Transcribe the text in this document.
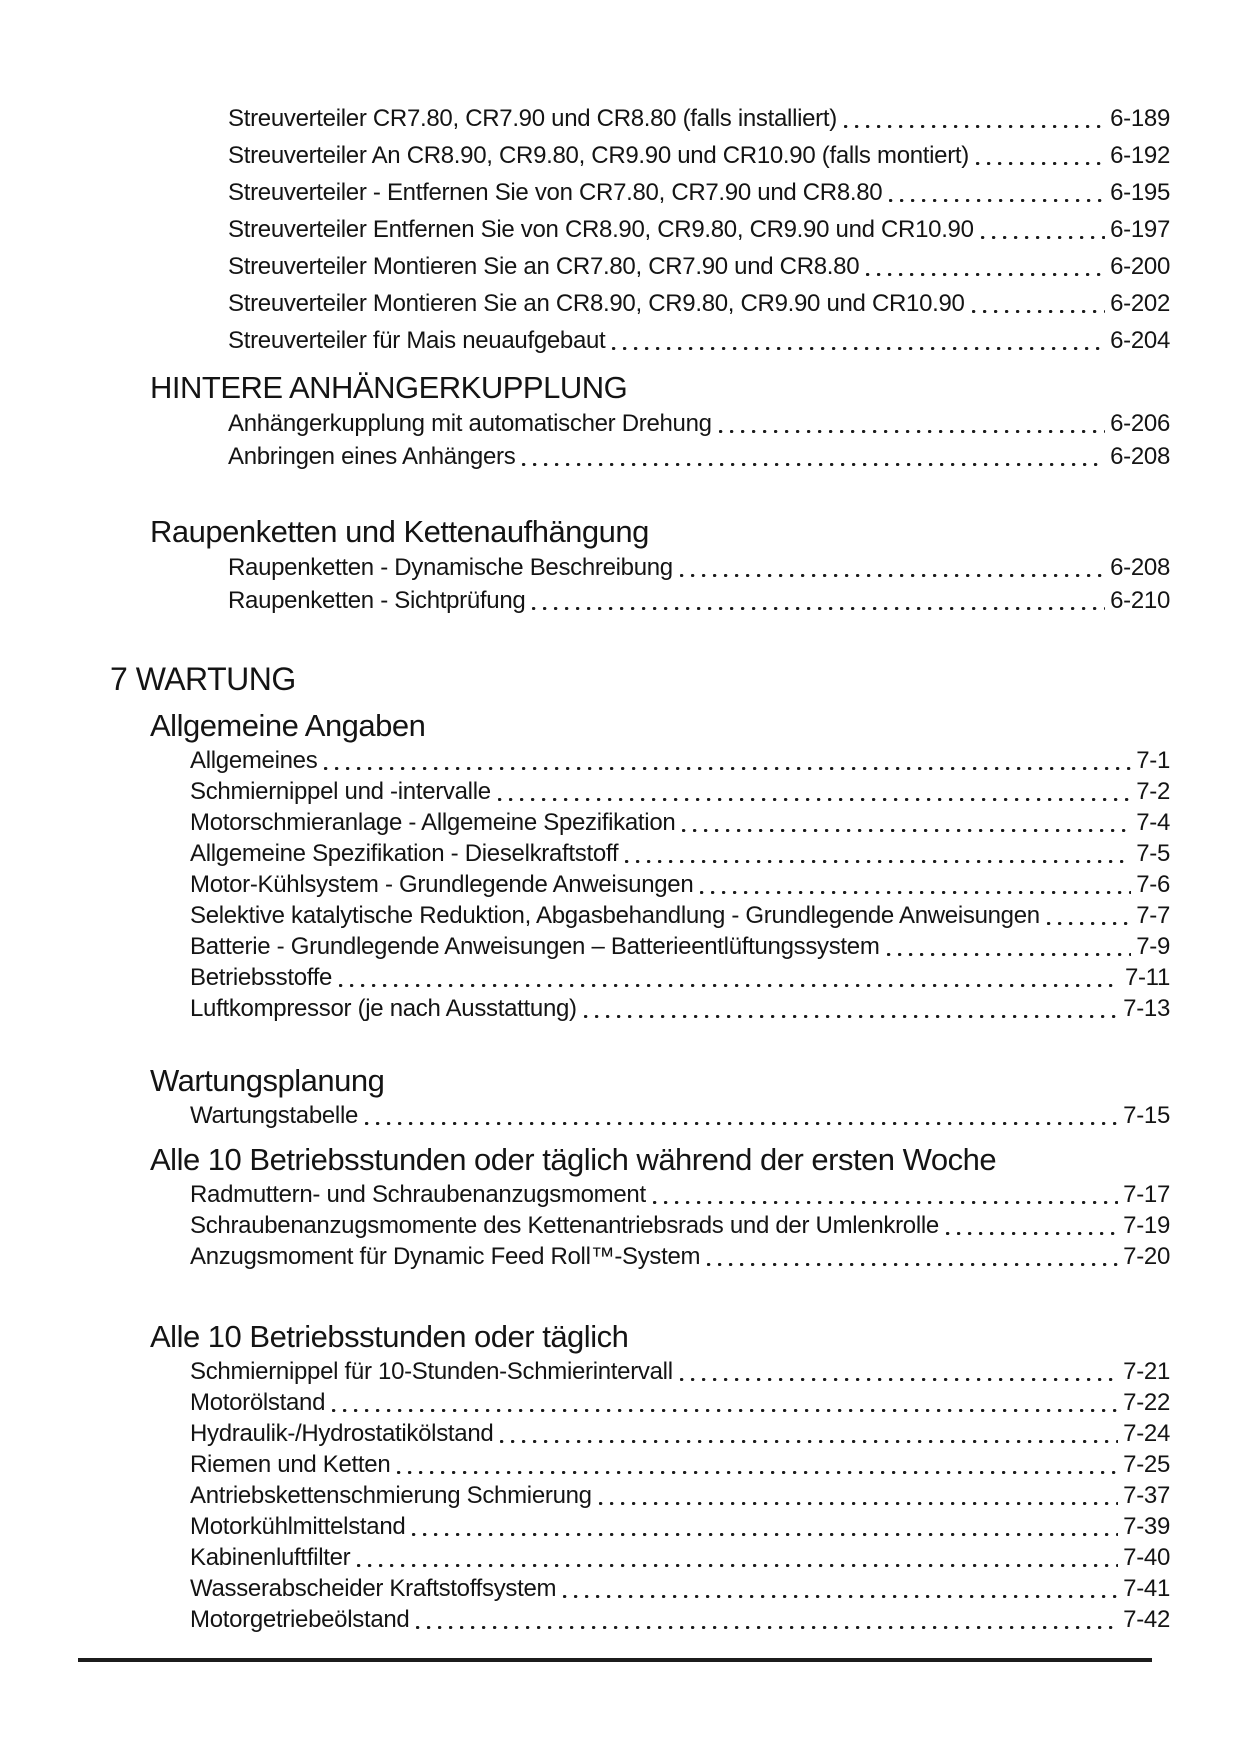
Streuverteiler CR7.80, CR7.90 und CR8.80 (falls installiert)	6-189
Streuverteiler An CR8.90, CR9.80, CR9.90 und CR10.90 (falls montiert)	6-192
Streuverteiler - Entfernen Sie von CR7.80, CR7.90 und CR8.80	6-195
Streuverteiler Entfernen Sie von CR8.90, CR9.80, CR9.90 und CR10.90	6-197
Streuverteiler Montieren Sie an CR7.80, CR7.90 und CR8.80	6-200
Streuverteiler Montieren Sie an CR8.90, CR9.80, CR9.90 und CR10.90	6-202
Streuverteiler für Mais neuaufgebaut	6-204
HINTERE ANHÄNGERKUPPLUNG
Anhängerkupplung mit automatischer Drehung	6-206
Anbringen eines Anhängers	6-208
Raupenketten und Kettenaufhängung
Raupenketten - Dynamische Beschreibung	6-208
Raupenketten - Sichtprüfung	6-210
7 WARTUNG
Allgemeine Angaben
Allgemeines	7-1
Schmiernippel und -intervalle	7-2
Motorschmieranlage - Allgemeine Spezifikation	7-4
Allgemeine Spezifikation - Dieselkraftstoff	7-5
Motor-Kühlsystem - Grundlegende Anweisungen	7-6
Selektive katalytische Reduktion, Abgasbehandlung - Grundlegende Anweisungen	7-7
Batterie - Grundlegende Anweisungen – Batterieentlüftungssystem	7-9
Betriebsstoffe	7-11
Luftkompressor (je nach Ausstattung)	7-13
Wartungsplanung
Wartungstabelle	7-15
Alle 10 Betriebsstunden oder täglich während der ersten Woche
Radmuttern- und Schraubenanzugsmoment	7-17
Schraubenanzugsmomente des Kettenantriebsrads und der Umlenkrolle	7-19
Anzugsmoment für Dynamic Feed Roll™-System	7-20
Alle 10 Betriebsstunden oder täglich
Schmiernippel für 10-Stunden-Schmierintervall	7-21
Motorölstand	7-22
Hydraulik-/Hydrostatikölstand	7-24
Riemen und Ketten	7-25
Antriebskettenschmierung Schmierung	7-37
Motorkühlmittelstand	7-39
Kabinenluftfilter	7-40
Wasserabscheider Kraftstoffsystem	7-41
Motorgetriebeölstand	7-42
